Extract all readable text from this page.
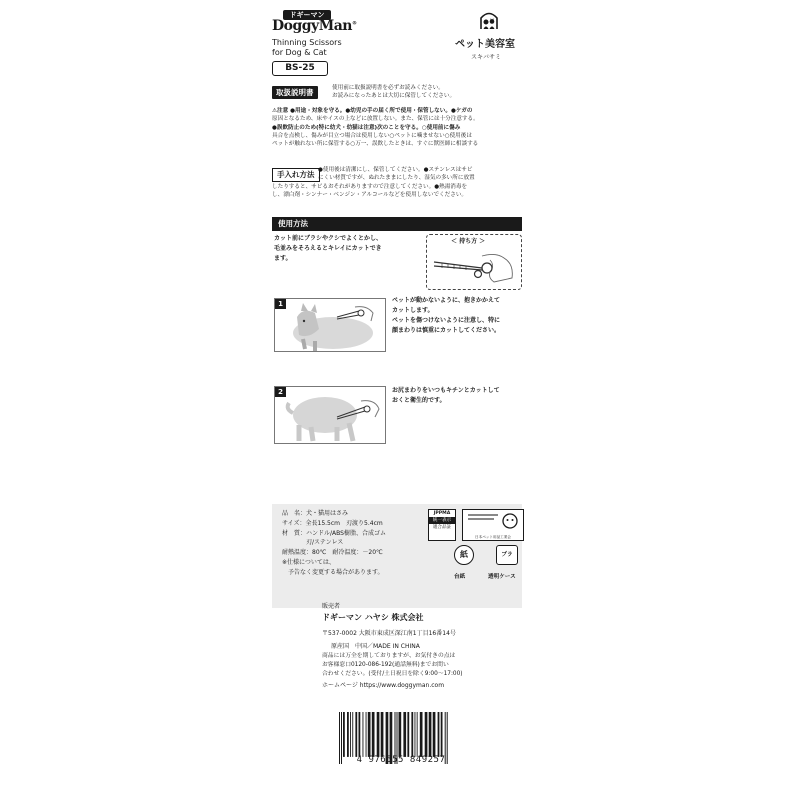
ドギーマン
DoggyMan®
Thinning Scissors
for Dog & Cat
BS-25
ペット美容室
スキバサミ
取扱説明書	使用前に取扱説明書を必ずお読みください。
お読みになったあとは大切に保管してください。
⚠注意 ●用途・対象を守る。●幼児の手の届く所で使用・保管しない。●ケガの
原因となるため、床やイスの上などに放置しない。また、保管には十分注意する。
●誤飲防止のため(特に幼犬・幼猫は注意)次のことを守る。○使用前に傷み
具合を点検し、傷みが目立つ場合は使用しない○ペットに噛ませない○使用後は
ペットが触れない所に保管する○万一、誤飲したときは、すぐに獣医師に相談する
手入れ方法 ●使用後は清潔にし、保管してください。●ステンレスはサビ
にくい材質ですが、ぬれたままにしたり、湿気の多い所に放置
したりすると、サビるおそれがありますので注意してください。●熱湯消毒を
し、漂白剤・シンナー・ベンジン・アルコールなどを使用しないでください。
使用方法
カット前にブラシやクシでよくとかし、
毛並みをそろえるとキレイにカットでき
ます。
＜ 持ち方 ＞
1	ペットが動かないように、抱きかかえて
カットします。
ペットを傷つけないように注意し、特に
顔まわりは慎重にカットしてください。
2	お尻まわりをいつもキチンとカットして
おくと衛生的です。
品　名：犬・猫用はさみ
サイズ：全長15.5cm　刃渡り5.4cm
材　質：ハンドル/ABS樹脂、合成ゴム
　　　　刃/ステンレス
耐熱温度：80℃　耐冷温度：－20℃
※仕様については、
　予告なく変更する場合があります。
JPPMA
統一表示
適合品証
日本ペット用品工業会
紙
台紙
プラ
透明ケース
販売者
ドギーマン ハヤシ 株式会社
〒537-0002 大阪市東成区深江南1丁目16番14号
原産国　中国／MADE IN CHINA
商品には万全を期しておりますが、お気付きの点は
お客様窓口0120-086-192(通話無料)までお問い
合わせください。(受付/土日祝日を除く9:00～17:00)
ホームページ https://www.doggyman.com
4 976555 849257
